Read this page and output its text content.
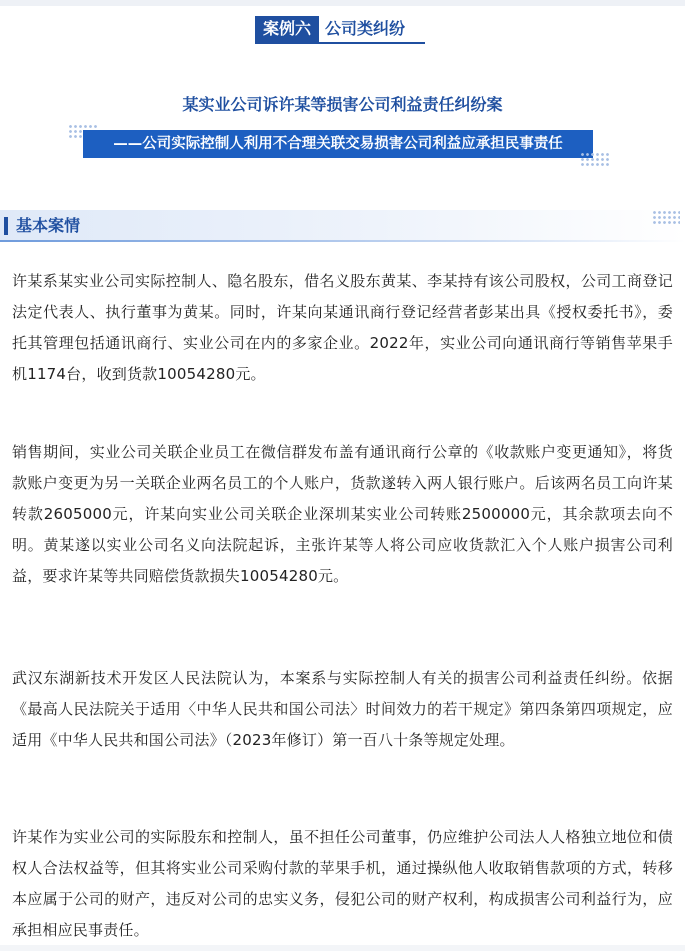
案例六 公司类纠纷
某实业公司诉许某等损害公司利益责任纠纷案
——公司实际控制人利用不合理关联交易损害公司利益应承担民事责任
基本案情

许某系某实业公司实际控制人、隐名股东，借名义股东黄某、李某持有该公司股权，公司工商登记法定代表人、执行董事为黄某。同时，许某向某通讯商行登记经营者彭某出具《授权委托书》，委托其管理包括通讯商行、实业公司在内的多家企业。2022年，实业公司向通讯商行等销售苹果手机1174台，收到货款10054280元。

销售期间，实业公司关联企业员工在微信群发布盖有通讯商行公章的《收款账户变更通知》，将货款账户变更为另一关联企业两名员工的个人账户，货款遂转入两人银行账户。后该两名员工向许某转款2605000元，许某向实业公司关联企业深圳某实业公司转账2500000元，其余款项去向不明。黄某遂以实业公司名义向法院起诉，主张许某等人将公司应收货款汇入个人账户损害公司利益，要求许某等共同赔偿货款损失10054280元。

武汉东湖新技术开发区人民法院认为，本案系与实际控制人有关的损害公司利益责任纠纷。依据《最高人民法院关于适用〈中华人民共和国公司法〉时间效力的若干规定》第四条第四项规定，应适用《中华人民共和国公司法》（2023年修订）第一百八十条等规定处理。

许某作为实业公司的实际股东和控制人，虽不担任公司董事，仍应维护公司法人人格独立地位和债权人合法权益等，但其将实业公司采购付款的苹果手机，通过操纵他人收取销售款项的方式，转移本应属于公司的财产，违反对公司的忠实义务，侵犯公司的财产权利，构成损害公司利益行为，应承担相应民事责任。
